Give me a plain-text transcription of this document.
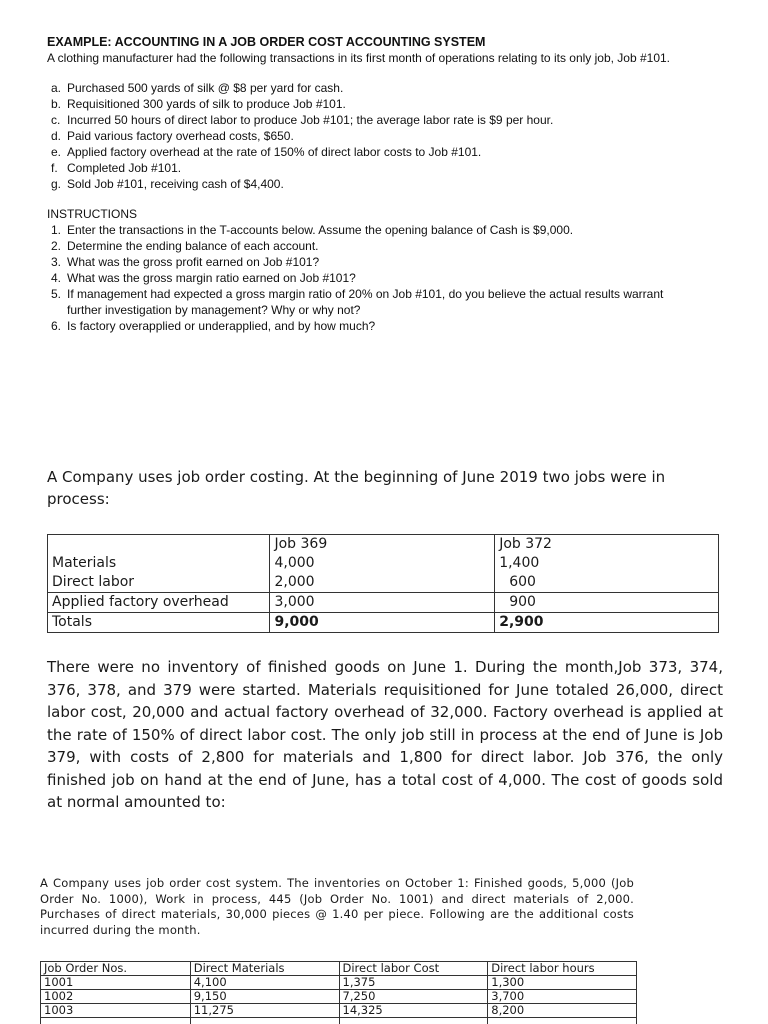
EXAMPLE: ACCOUNTING IN A JOB ORDER COST ACCOUNTING SYSTEM

A clothing manufacturer had the following transactions in its first month of operations relating to its only job, Job #101.

a. Purchased 500 yards of silk @ $8 per yard for cash.
b. Requisitioned 300 yards of silk to produce Job #101.
c. Incurred 50 hours of direct labor to produce Job #101; the average labor rate is $9 per hour.
d. Paid various factory overhead costs, $650.
e. Applied factory overhead at the rate of 150% of direct labor costs to Job #101.
f. Completed Job #101.
g. Sold Job #101, receiving cash of $4,400.
INSTRUCTIONS
1. Enter the transactions in the T-accounts below. Assume the opening balance of Cash is $9,000.
2. Determine the ending balance of each account.
3. What was the gross profit earned on Job #101?
4. What was the gross margin ratio earned on Job #101?
5. If management had expected a gross margin ratio of 20% on Job #101, do you believe the actual results warrant further investigation by management? Why or why not?
6. Is factory overapplied or underapplied, and by how much?

A Company uses job order costing. At the beginning of June 2019 two jobs were in process:

	Job 369	Job 372
Materials	4,000	1,400
Direct labor	2,000	600
Applied factory overhead	3,000	900
Totals	9,000	2,900
There were no inventory of finished goods on June 1. During the month,Job 373, 374, 376, 378, and 379 were started. Materials requisitioned for June totaled 26,000, direct labor cost, 20,000 and actual factory overhead of 32,000. Factory overhead is applied at the rate of 150% of direct labor cost. The only job still in process at the end of June is Job 379, with costs of 2,800 for materials and 1,800 for direct labor. Job 376, the only finished job on hand at the end of June, has a total cost of 4,000. The cost of goods sold at normal amounted to:
A Company uses job order cost system. The inventories on October 1: Finished goods, 5,000 (Job Order No. 1000), Work in process, 445 (Job Order No. 1001) and direct materials of 2,000. Purchases of direct materials, 30,000 pieces @ 1.40 per piece. Following are the additional costs incurred during the month.
Job Order Nos.	Direct Materials	Direct labor Cost	Direct labor hours
1001	4,100	1,375	1,300
1002	9,150	7,250	3,700
1003	11,275	14,325	8,200
